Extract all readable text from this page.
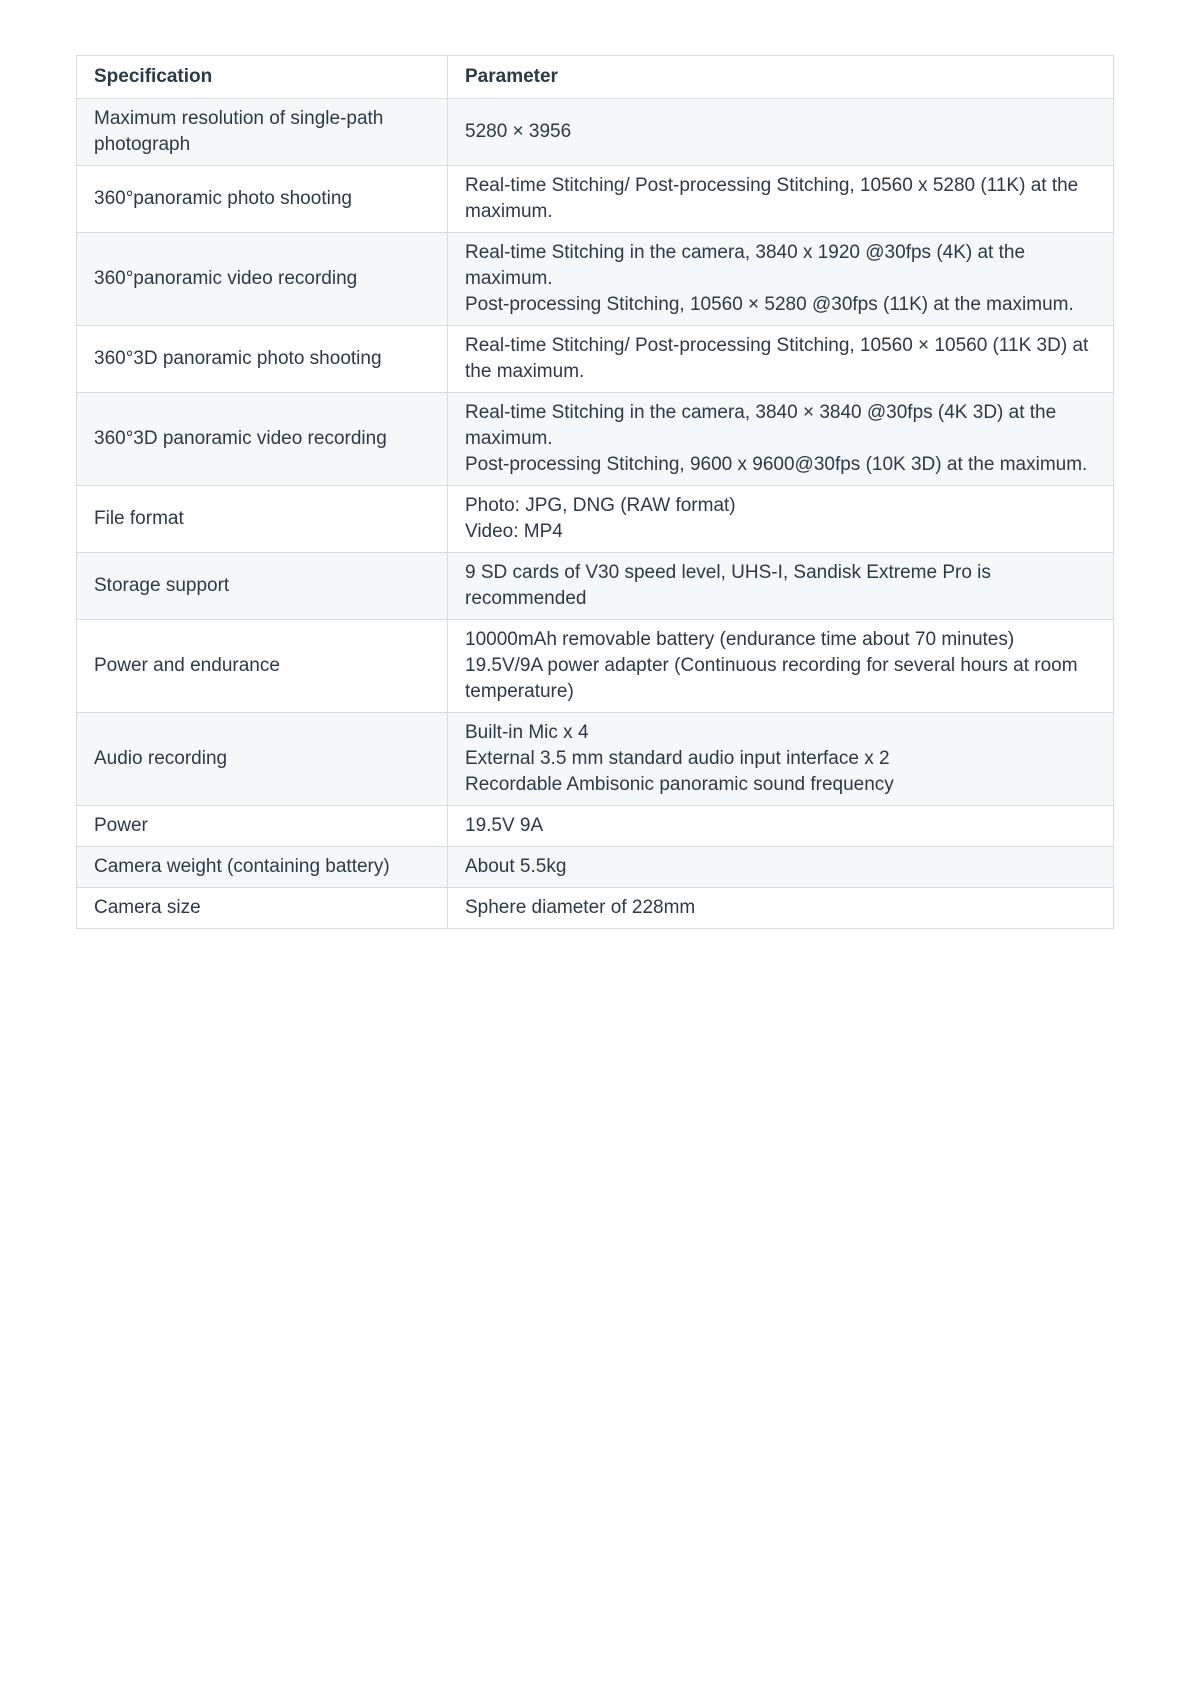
Specification	Parameter
Maximum resolution of single-path photograph	5280 × 3956

360°panoramic photo shooting	Real-time Stitching/ Post-processing Stitching, 10560 x 5280 (11K) at the maximum.

360°panoramic video recording	Real-time Stitching in the camera, 3840 x 1920 @30fps (4K) at the maximum.
Post-processing Stitching, 10560 × 5280 @30fps (11K) at the maximum.

360°3D panoramic photo shooting	Real-time Stitching/ Post-processing Stitching, 10560 × 10560 (11K 3D) at the maximum.

360°3D panoramic video recording	Real-time Stitching in the camera, 3840 × 3840 @30fps (4K 3D) at the maximum.
Post-processing Stitching, 9600 x 9600@30fps (10K 3D) at the maximum.

File format	Photo: JPG, DNG (RAW format)
Video: MP4

Storage support	9 SD cards of V30 speed level, UHS-I, Sandisk Extreme Pro is recommended

Power and endurance	10000mAh removable battery (endurance time about 70 minutes)
19.5V/9A power adapter (Continuous recording for several hours at room temperature)

Audio recording	Built-in Mic x 4
External 3.5 mm standard audio input interface x 2
Recordable Ambisonic panoramic sound frequency

Power	19.5V 9A

Camera weight (containing battery)	About 5.5kg

Camera size	Sphere diameter of 228mm
